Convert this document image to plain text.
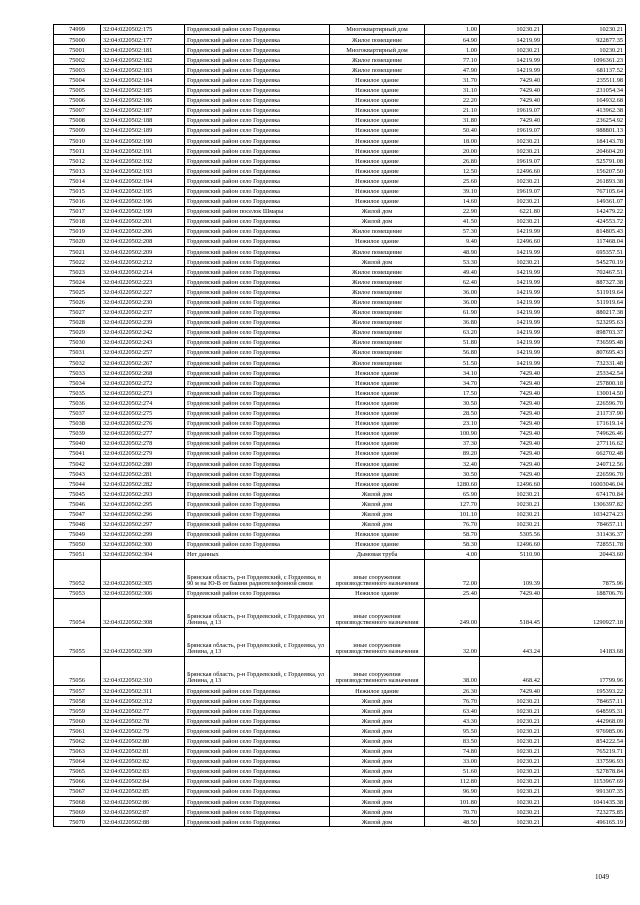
74999	32:04:0220502:175	Гордеевский район село Гордеевка	Многоквартирный дом	1.00	10230.21	10230.21
75000	32:04:0220502:177	Гордеевский район село Гордеевка	Жилое помещение	64.90	14219.99	922877.35
75001	32:04:0220502:181	Гордеевский район село Гордеевка	Многоквартирный дом	1.00	10230.21	10230.21
75002	32:04:0220502:182	Гордеевский район село Гордеевка	Жилое помещение	77.10	14219.99	1096361.23
75003	32:04:0220502:183	Гордеевский район село Гордеевка	Жилое помещение	47.90	14219.99	681137.52
75004	32:04:0220502:184	Гордеевский район село Гордеевка	Нежилое здание	31.70	7429.40	235511.98
75005	32:04:0220502:185	Гордеевский район село Гордеевка	Нежилое здание	31.10	7429.40	231054.34
75006	32:04:0220502:186	Гордеевский район село Гордеевка	Нежилое здание	22.20	7429.40	164932.68
75007	32:04:0220502:187	Гордеевский район село Гордеевка	Нежилое здание	21.10	19619.07	413962.38
75008	32:04:0220502:188	Гордеевский район село Гордеевка	Нежилое здание	31.80	7429.40	236254.92
75009	32:04:0220502:189	Гордеевский район село Гордеевка	Нежилое здание	50.40	19619.07	988801.13
75010	32:04:0220502:190	Гордеевский район село Гордеевка	Нежилое здание	18.00	10230.21	184143.78
75011	32:04:0220502:191	Гордеевский район село Гордеевка	Нежилое здание	20.00	10230.21	204604.20
75012	32:04:0220502:192	Гордеевский район село Гордеевка	Нежилое здание	26.80	19619.07	525791.08
75013	32:04:0220502:193	Гордеевский район село Гордеевка	Нежилое здание	12.50	12496.60	156207.50
75014	32:04:0220502:194	Гордеевский район село Гордеевка	Нежилое здание	25.60	10230.21	261893.38
75015	32:04:0220502:195	Гордеевский район село Гордеевка	Нежилое здание	39.10	19619.07	767105.64
75016	32:04:0220502:196	Гордеевский район село Гордеевка	Нежилое здание	14.60	10230.21	149361.07
75017	32:04:0220502:199	Гордеевский район поселок Шмары	Жилой дом	22.90	6221.80	142479.22
75018	32:04:0220502:201	Гордеевский район село Гордеевка	Жилой дом	41.50	10230.21	424553.72
75019	32:04:0220502:206	Гордеевский район село Гордеевка	Жилое помещение	57.30	14219.99	814805.43
75020	32:04:0220502:208	Гордеевский район село Гордеевка	Нежилое здание	9.40	12496.60	117468.04
75021	32:04:0220502:209	Гордеевский район село Гордеевка	Жилое помещение	48.90	14219.99	695357.51
75022	32:04:0220502:212	Гордеевский район село Гордеевка	Жилой дом	53.30	10230.21	545270.19
75023	32:04:0220502:214	Гордеевский район село Гордеевка	Жилое помещение	49.40	14219.99	702467.51
75024	32:04:0220502:223	Гордеевский район село Гордеевка	Жилое помещение	62.40	14219.99	887327.38
75025	32:04:0220502:227	Гордеевский район село Гордеевка	Жилое помещение	36.00	14219.99	511919.64
75026	32:04:0220502:230	Гордеевский район село Гордеевка	Жилое помещение	36.00	14219.99	511919.64
75027	32:04:0220502:237	Гордеевский район село Гордеевка	Жилое помещение	61.90	14219.99	880217.38
75028	32:04:0220502:239	Гордеевский район село Гордеевка	Жилое помещение	36.80	14219.99	523295.63
75029	32:04:0220502:242	Гордеевский район село Гордеевка	Жилое помещение	63.20	14219.99	898703.37
75030	32:04:0220502:243	Гордеевский район село Гордеевка	Жилое помещение	51.80	14219.99	736595.48
75031	32:04:0220502:257	Гордеевский район село Гордеевка	Жилое помещение	56.80	14219.99	807695.43
75032	32:04:0220502:267	Гордеевский район село Гордеевка	Жилое помещение	51.50	14219.99	732331.48
75033	32:04:0220502:268	Гордеевский район село Гордеевка	Нежилое здание	34.10	7429.40	253342.54
75034	32:04:0220502:272	Гордеевский район село Гордеевка	Нежилое здание	34.70	7429.40	257800.18
75035	32:04:0220502:273	Гордеевский район село Гордеевка	Нежилое здание	17.50	7429.40	130014.50
75036	32:04:0220502:274	Гордеевский район село Гордеевка	Нежилое здание	30.50	7429.40	226596.70
75037	32:04:0220502:275	Гордеевский район село Гордеевка	Нежилое здание	28.50	7429.40	211737.90
75038	32:04:0220502:276	Гордеевский район село Гордеевка	Нежилое здание	23.10	7429.40	171619.14
75039	32:04:0220502:277	Гордеевский район село Гордеевка	Нежилое здание	100.90	7429.40	749626.46
75040	32:04:0220502:278	Гордеевский район село Гордеевка	Нежилое здание	37.30	7429.40	277116.62
75041	32:04:0220502:279	Гордеевский район село Гордеевка	Нежилое здание	89.20	7429.40	662702.48
75042	32:04:0220502:280	Гордеевский район село Гордеевка	Нежилое здание	32.40	7429.40	240712.56
75043	32:04:0220502:281	Гордеевский район село Гордеевка	Нежилое здание	30.50	7429.40	226596.70
75044	32:04:0220502:282	Гордеевский район село Гордеевка	Нежилое здание	1280.60	12496.60	16003046.04
75045	32:04:0220502:293	Гордеевский район село Гордеевка	Жилой дом	65.90	10230.21	674170.84
75046	32:04:0220502:295	Гордеевский район село Гордеевка	Жилой дом	127.70	10230.21	1306397.82
75047	32:04:0220502:296	Гордеевский район село Гордеевка	Жилой дом	101.10	10230.21	1034274.23
75048	32:04:0220502:297	Гордеевский район село Гордеевка	Жилой дом	76.70	10230.21	784657.11
75049	32:04:0220502:299	Гордеевский район село Гордеевка	Нежилое здание	58.70	5305.56	311436.37
75050	32:04:0220502:300	Гордеевский район село Гордеевка	Нежилое здание	58.30	12496.60	728551.78
75051	32:04:0220502:304	Нет данных	Дымовая труба	4.00	5110.90	20443.60
75052	32:04:0220502:305	Брянская область, р-н Гордеевский, с Гордеевка, в 90 м на Ю-В от башни радиотелефонной связи	иные сооружения производственного назначения	72.00	109.39	7875.96
75053	32:04:0220502:306	Гордеевский район село Гордеевка	Нежилое здание	25.40	7429.40	188706.76
75054	32:04:0220502:308	Брянская область, р-н Гордеевский, с Гордеевка, ул Ленина, д 13	иные сооружения производственного назначения	249.00	5184.45	1290927.18
75055	32:04:0220502:309	Брянская область, р-н Гордеевский, с Гордеевка, ул Ленина, д 13	иные сооружения производственного назначения	32.00	443.24	14183.68
75056	32:04:0220502:310	Брянская область, р-н Гордеевский, с Гордеевка, ул Ленина, д 13	иные сооружения производственного назначения	38.00	468.42	17799.96
75057	32:04:0220502:311	Гордеевский район село Гордеевка	Нежилое здание	26.30	7429.40	195393.22
75058	32:04:0220502:312	Гордеевский район село Гордеевка	Жилой дом	76.70	10230.21	784657.11
75059	32:04:0220502:77	Гордеевский район село Гордеевка	Жилой дом	63.40	10230.21	648595.31
75060	32:04:0220502:78	Гордеевский район село Гордеевка	Жилой дом	43.30	10230.21	442968.09
75061	32:04:0220502:79	Гордеевский район село Гордеевка	Жилой дом	95.50	10230.21	976985.06
75062	32:04:0220502:80	Гордеевский район село Гордеевка	Жилой дом	83.50	10230.21	854222.54
75063	32:04:0220502:81	Гордеевский район село Гордеевка	Жилой дом	74.80	10230.21	765219.71
75064	32:04:0220502:82	Гордеевский район село Гордеевка	Жилой дом	33.00	10230.21	337596.93
75065	32:04:0220502:83	Гордеевский район село Гордеевка	Жилой дом	51.60	10230.21	527878.84
75066	32:04:0220502:84	Гордеевский район село Гордеевка	Жилой дом	112.80	10230.21	1153967.69
75067	32:04:0220502:85	Гордеевский район село Гордеевка	Жилой дом	96.90	10230.21	991307.35
75068	32:04:0220502:86	Гордеевский район село Гордеевка	Жилой дом	101.80	10230.21	1041435.38
75069	32:04:0220502:87	Гордеевский район село Гордеевка	Жилой дом	70.70	10230.21	723275.85
75070	32:04:0220502:88	Гордеевский район село Гордеевка	Жилой дом	48.50	10230.21	496165.19
1049
